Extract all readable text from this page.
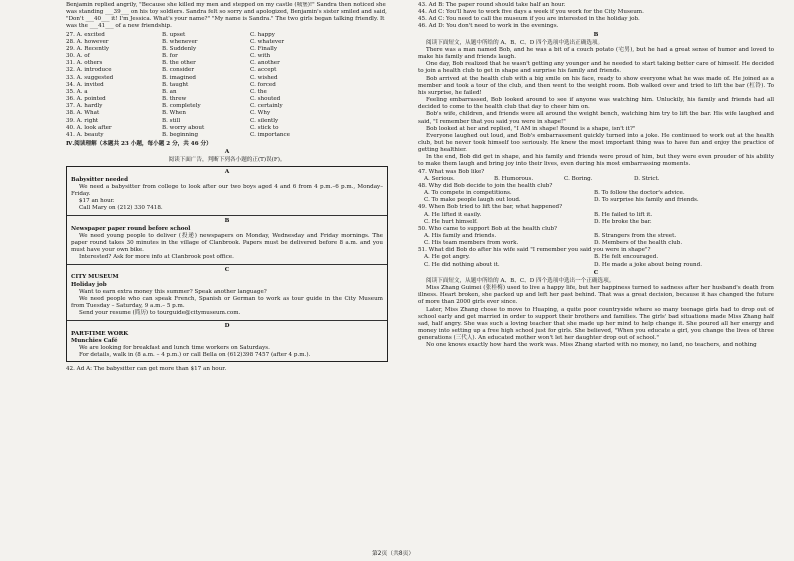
Benjamin replied angrily, "Because she killed my men and stepped on my castle (城堡)!" Sandra then noticed she was standing ___39___ on his toy soldiers. Sandra felt so sorry and apologized, Benjamin's sister smiled and said, "Don't ___40___ it! I'm Jessica. What's your name?" "My name is Sandra." The two girls began talking friendly. It was the ___41___ of a new friendship.

27. A. excited	B. upset	C. happy
28. A. however	B. whenever	C. whatever
29. A. Recently	B. Suddenly	C. Finally
30. A. of	B. for	C. with
31. A. others	B. the other	C. another
32. A. introduce	B. consider	C. accept
33. A. suggested	B. imagined	C. wished
34. A. invited	B. taught	C. forced
35. A. a	B. an	C. the
36. A. pointed	B. threw	C. shouted
37. A. hardly	B. completely	C. certainly
38. A. What	B. When	C. Why
39. A. right	B. still	C. silently
40. A. look after	B. worry about	C. stick to
41. A. beauty	B. beginning	C. importance

Ⅳ.阅读理解（本题共 23 小题，每小题 2 分，共 46 分）

A

阅读下面广告，判断下列各小题的正(T)误(F)。

A

Babysitter needed

We need a babysitter from college to look after our two boys aged 4 and 6 from 4 p.m.–6 p.m., Monday–Friday.

$17 an hour.

Call Mary on (212) 330 7418.

B

Newspaper paper round before school

We need young people to deliver (投递) newspapers on Monday, Wednesday and Friday mornings. The paper round takes 30 minutes in the village of Clanbrook. Papers must be delivered before 8 a.m. and you must have your own bike.

Interested? Ask for more info at Clanbrook post office.

C

CITY MUSEUM

Holiday job

Want to earn extra money this summer? Speak another language?

We need people who can speak French, Spanish or German to work as tour guide in the City Museum from Tuesday – Saturday, 9 a.m.– 5 p.m.

Send your resume (简历) to tourguide@citymuseum.com.

D

PART-TIME WORK

Munchies Café

We are looking for breakfast and lunch time workers on Saturdays.

For details, walk in (8 a.m. – 4 p.m.) or call Bella on (612)398 7457 (after 4 p.m.).

42. Ad A: The babysitter can get more than $17 an hour.

43. Ad B: The paper round should take half an hour.

44. Ad C: You'll have to work five days a week if you work for the City Museum.

45. Ad C: You need to call the museum if you are interested in the holiday job.

46. Ad D: You don't need to work in the evenings.

B

阅读下面短文，从题中所给的 A、B、C、D 四个选项中选出正确选项。

There was a man named Bob, and he was a bit of a couch potato (宅男), but he had a great sense of humor and loved to make his family and friends laugh.

One day, Bob realized that he wasn't getting any younger and he needed to start taking better care of himself. He decided to join a health club to get in shape and surprise his family and friends.

Bob arrived at the health club with a big smile on his face, ready to show everyone what he was made of. He joined as a member and took a tour of the club, and then went to the weight room. Bob walked over and tried to lift the bar (杠铃). To his surprise, he failed!

Feeling embarrassed, Bob looked around to see if anyone was watching him. Unluckily, his family and friends had all decided to come to the health club that day to cheer him on.

Bob's wife, children, and friends were all around the weight bench, watching him try to lift the bar. His wife laughed and said, "I remember that you said you were in shape!"

Bob looked at her and replied, "I AM in shape! Round is a shape, isn't it?"

Everyone laughed out loud, and Bob's embarrassment quickly turned into a joke. He continued to work out at the health club, but he never took himself too seriously. He knew the most important thing was to have fun and enjoy the practice of getting healthier.

In the end, Bob did get in shape, and his family and friends were proud of him, but they were even prouder of his ability to make them laugh and bring joy into their lives, even during his most embarrassing moments.

47. What was Bob like?

A. Serious.	B. Humorous.	C. Boring.	D. Strict.

48. Why did Bob decide to join the health club?

A. To compete in competitions.	B. To follow the doctor's advice.
C. To make people laugh out loud.	D. To surprise his family and friends.

49. When Bob tried to lift the bar, what happened?

A. He lifted it easily.	B. He failed to lift it.
C. He hurt himself.	D. He broke the bar.

50. Who came to support Bob at the health club?

A. His family and friends.	B. Strangers from the street.
C. His team members from work.	D. Members of the health club.

51. What did Bob do after his wife said "I remember you said you were in shape"?

A. He got angry.	B. He felt encouraged.
C. He did nothing about it.	D. He made a joke about being round.

C

阅读下面短文，从题中所给的 A、B、C、D 四个选项中选出一个正确选项。

Miss Zhang Guimei (张桂梅) used to live a happy life, but her happiness turned to sadness after her husband's death from illness. Heart broken, she packed up and left her past behind. That was a great decision, because it has changed the future of more than 2000 girls ever since.

Later, Miss Zhang chose to move to Huaping, a quite poor countryside where so many teenage girls had to drop out of school early and get married in order to support their brothers and families. The girls' bad situations made Miss Zhang half sad, half angry. She was such a loving teacher that she made up her mind to help change it. She poured all her energy and money into setting up a free high school just for girls. She believed, "When you educate a girl, you change the lives of three generations (三代人). An educated mother won't let her daughter drop out of school."

No one knows exactly how hard the work was. Miss Zhang started with no money, no land, no teachers, and nothing

第2页（共8页）
